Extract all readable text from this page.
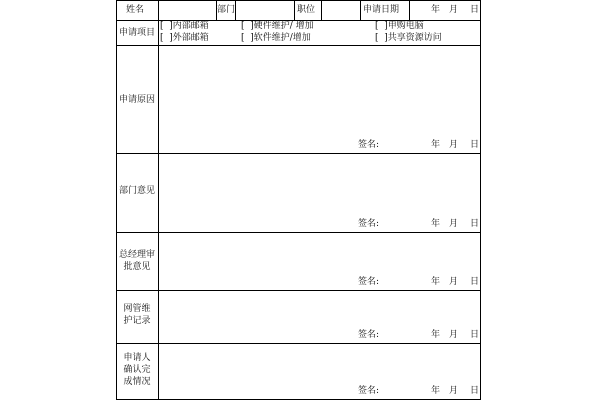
姓名	部门	职位	申请日期	年 月 日
申请项目
[ ]内部邮箱	[ ]硬件维护/ 增加	[ ]申购电脑
[ ]外部邮箱	[ ]软件维护/增加	[ ]共享资源访问
申请原因
签名:	年 月 日
部门意见
签名:	年 月 日
总经理审批意见
签名:	年 月 日
网管维护记录
签名:	年 月 日
申请人确认完成情况
签名:	年 月 日
